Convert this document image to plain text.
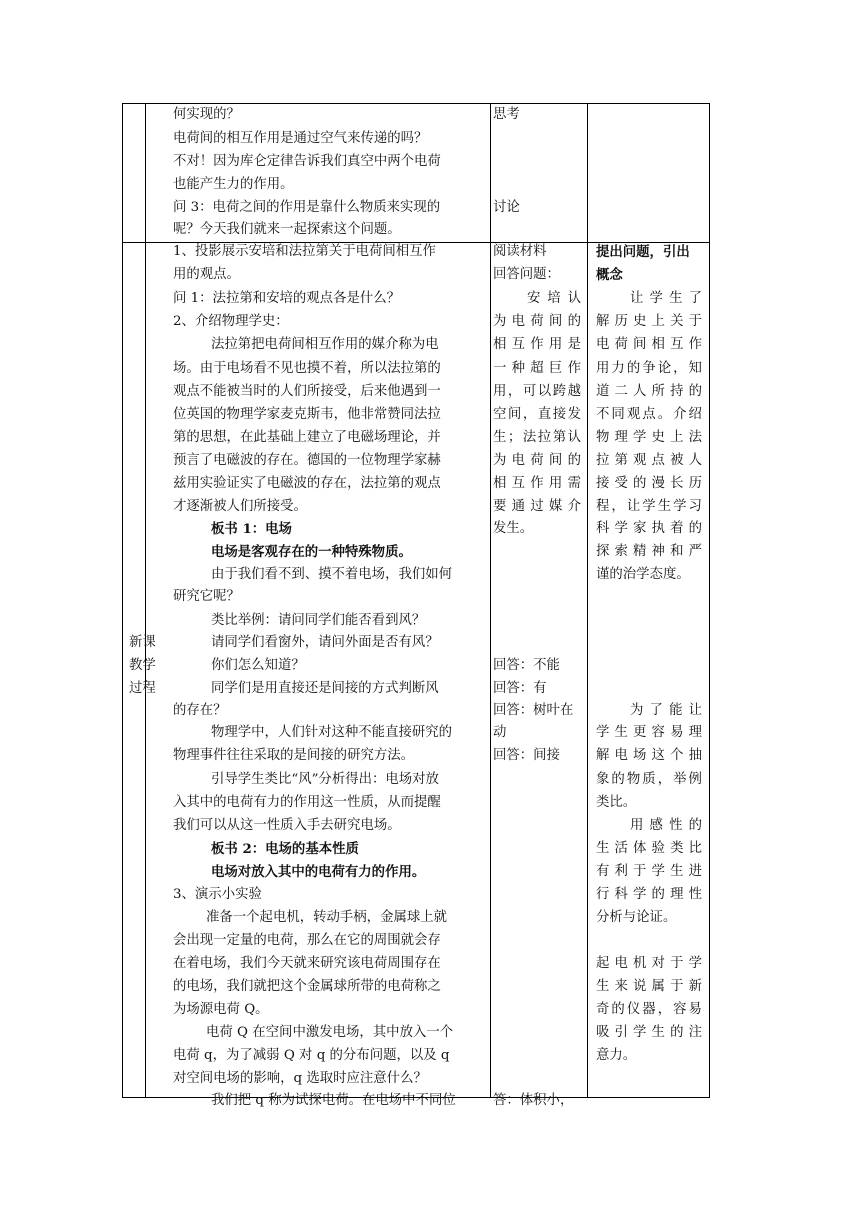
何实现的？
电荷间的相互作用是通过空气来传递的吗？
不对！因为库仑定律告诉我们真空中两个电荷
也能产生力的作用。
问 3：电荷之间的作用是靠什么物质来实现的
呢？今天我们就来一起探索这个问题。
思考
讨论
1、投影展示安培和法拉第关于电荷间相互作
用的观点。
问 1：法拉第和安培的观点各是什么？
2、介绍物理学史：
法拉第把电荷间相互作用的媒介称为电
场。由于电场看不见也摸不着，所以法拉第的
观点不能被当时的人们所接受，后来他遇到一
位英国的物理学家麦克斯韦，他非常赞同法拉
第的思想，在此基础上建立了电磁场理论，并
预言了电磁波的存在。德国的一位物理学家赫
兹用实验证实了电磁波的存在，法拉第的观点
才逐渐被人们所接受。
板书 1：电场
电场是客观存在的一种特殊物质。
由于我们看不到、摸不着电场，我们如何
研究它呢？
类比举例：请问同学们能否看到风？
请同学们看窗外，请问外面是否有风？
你们怎么知道？
同学们是用直接还是间接的方式判断风
的存在？
物理学中，人们针对这种不能直接研究的
物理事件往往采取的是间接的研究方法。
引导学生类比“风”分析得出：电场对放
入其中的电荷有力的作用这一性质，从而提醒
我们可以从这一性质入手去研究电场。
板书 2：电场的基本性质
电场对放入其中的电荷有力的作用。
3、演示小实验
准备一个起电机，转动手柄，金属球上就
会出现一定量的电荷，那么在它的周围就会存
在着电场，我们今天就来研究该电荷周围存在
的电场，我们就把这个金属球所带的电荷称之
为场源电荷 Q。
电荷 Q 在空间中激发电场，其中放入一个
电荷 q，为了减弱 Q 对 q 的分布问题，以及 q
对空间电场的影响，q 选取时应注意什么？
我们把 q 称为试探电荷。在电场中不同位
阅读材料
回答问题：
安 培 认
为 电 荷 间 的
相 互 作 用 是
一 种 超 巨 作
用 ， 可 以 跨 越
空 间 ， 直 接 发
生 ； 法 拉 第 认
为 电 荷 间 的
相 互 作 用 需
要 通 过 媒 介
发生。
回答：不能
回答：有
回答：树叶在
动
回答：间接
答：体积小，
提出问题，引出
概念
让 学 生 了
解 历 史 上 关 于
电 荷 间 相 互 作
用 力 的 争 论 ， 知
道 二 人 所 持 的
不 同 观 点 。 介 绍
物 理 学 史 上 法
拉 第 观 点 被 人
接 受 的 漫 长 历
程 ， 让 学 生 学 习
科 学 家 执 着 的
探 索 精 神 和 严
谨的治学态度。
为 了 能 让
学 生 更 容 易 理
解 电 场 这 个 抽
象 的 物 质 ， 举 例
类比。
用 感 性 的
生 活 体 验 类 比
有 利 于 学 生 进
行 科 学 的 理 性
分析与论证。
起 电 机 对 于 学
生 来 说 属 于 新
奇 的 仪 器 ， 容 易
吸 引 学 生 的 注
意力。
新课
教学
过程
